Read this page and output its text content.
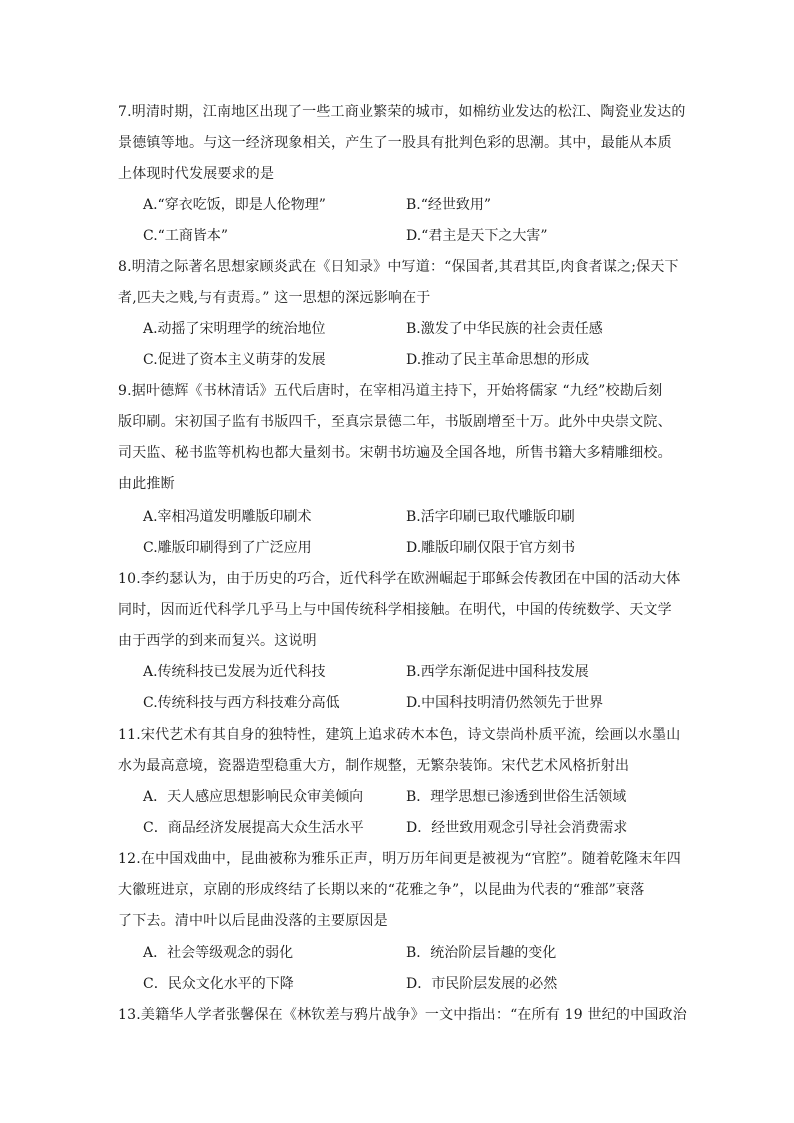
7.明清时期，江南地区出现了一些工商业繁荣的城市，如棉纺业发达的松江、陶瓷业发达的
景德镇等地。与这一经济现象相关，产生了一股具有批判色彩的思潮。其中，最能从本质
上体现时代发展要求的是
A.“穿衣吃饭，即是人伦物理”	B.“经世致用”
C.“工商皆本”	D.“君主是天下之大害”
8.明清之际著名思想家顾炎武在《日知录》中写道：“保国者,其君其臣,肉食者谋之;保天下
者,匹夫之贱,与有责焉。” 这一思想的深远影响在于
A.动摇了宋明理学的统治地位	B.激发了中华民族的社会责任感
C.促进了资本主义萌芽的发展	D.推动了民主革命思想的形成
9.据叶德辉《书林清话》五代后唐时，在宰相冯道主持下，开始将儒家 “九经”校勘后刻
版印刷。宋初国子监有书版四千，至真宗景德二年，书版剧增至十万。此外中央崇文院、
司天监、秘书监等机构也都大量刻书。宋朝书坊遍及全国各地，所售书籍大多精雕细校。
由此推断
A.宰相冯道发明雕版印刷术	B.活字印刷已取代雕版印刷
C.雕版印刷得到了广泛应用	D.雕版印刷仅限于官方刻书
10.李约瑟认为，由于历史的巧合，近代科学在欧洲崛起于耶稣会传教团在中国的活动大体
同时，因而近代科学几乎马上与中国传统科学相接触。在明代，中国的传统数学、天文学
由于西学的到来而复兴。这说明
A.传统科技已发展为近代科技	B.西学东渐促进中国科技发展
C.传统科技与西方科技难分高低	D.中国科技明清仍然领先于世界
11.宋代艺术有其自身的独特性，建筑上追求砖木本色，诗文崇尚朴质平流，绘画以水墨山
水为最高意境，瓷器造型稳重大方，制作规整，无繁杂装饰。宋代艺术风格折射出
A．天人感应思想影响民众审美倾向	B．理学思想已渗透到世俗生活领域
C．商品经济发展提高大众生活水平	D．经世致用观念引导社会消费需求
12.在中国戏曲中，昆曲被称为雅乐正声，明万历年间更是被视为“官腔”。随着乾隆末年四
大徽班进京，京剧的形成终结了长期以来的“花雅之争”，以昆曲为代表的“雅部”衰落
了下去。清中叶以后昆曲没落的主要原因是
A．社会等级观念的弱化	B．统治阶层旨趣的变化
C．民众文化水平的下降	D．市民阶层发展的必然
13.美籍华人学者张馨保在《林钦差与鸦片战争》一文中指出：“在所有 19 世纪的中国政治
